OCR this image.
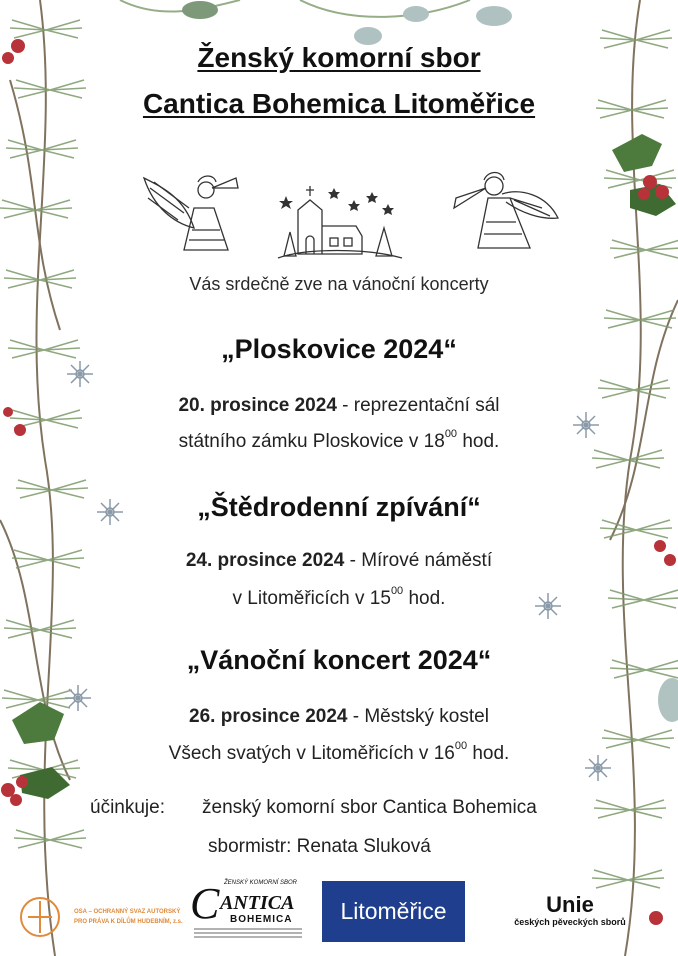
Ženský komorní sbor
Cantica Bohemica Litoměřice
Vás srdečně zve na vánoční koncerty
„Ploskovice 2024“
20. prosince 2024 - reprezentační sál
státního zámku Ploskovice v $18^{00}$ hod.
„Štědrodenní zpívání“
24. prosince 2024 - Mírové náměstí
v Litoměřicích v $15^{00}$ hod.
„Vánoční koncert 2024“
26. prosince 2024 - Městský kostel
Všech svatých v Litoměřicích v $16^{00}$ hod.
účinkuje: ženský komorní sbor Cantica Bohemica
sbormistr: Renata Sluková
OSA – OCHRANNÝ SVAZ AUTORSKÝ
PRO PRÁVA K DÍLŮM HUDEBNÍM, z.s.
ŽENSKÝ KOMORNÍ SBOR
C ANTICA
BOHEMICA	Litoměřice	Unie
českých pěveckých sborů
